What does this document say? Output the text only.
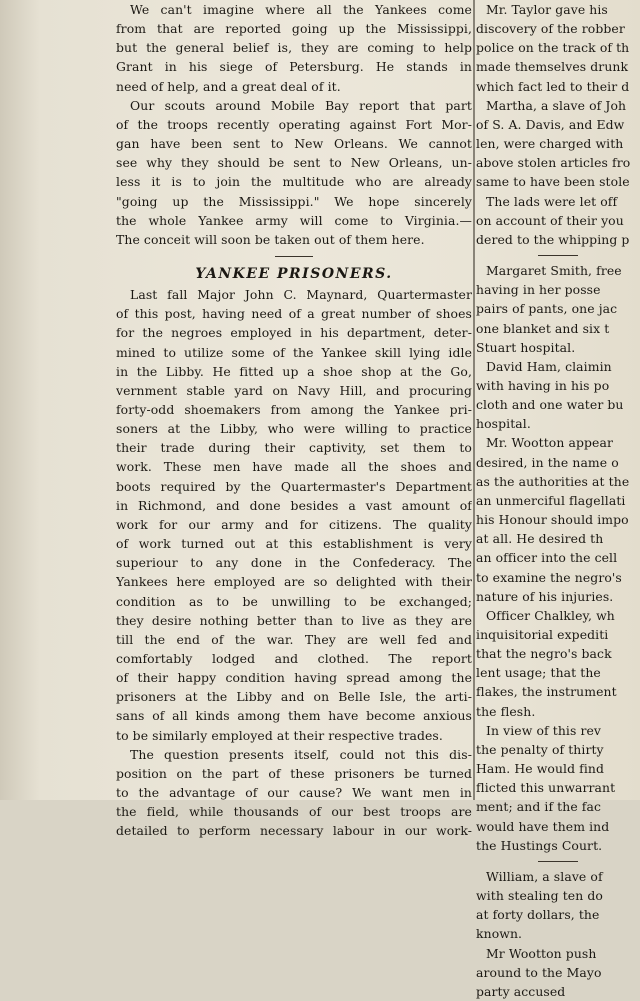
We can't imagine where all the Yankees come
from that are reported going up the Mississippi,
but the general belief is, they are coming to help
Grant in his siege of Petersburg. He stands in
need of help, and a great deal of it.
Our scouts around Mobile Bay report that part
of the troops recently operating against Fort Mor-
gan have been sent to New Orleans. We cannot
see why they should be sent to New Orleans, un-
less it is to join the multitude who are already
"going up the Mississippi." We hope sincerely
the whole Yankee army will come to Virginia.—
The conceit will soon be taken out of them here.
YANKEE PRISONERS.
Last fall Major John C. Maynard, Quartermaster
of this post, having need of a great number of shoes
for the negroes employed in his department, deter-
mined to utilize some of the Yankee skill lying idle
in the Libby. He fitted up a shoe shop at the Go,
vernment stable yard on Navy Hill, and procuring
forty-odd shoemakers from among the Yankee pri-
soners at the Libby, who were willing to practice
their trade during their captivity, set them to
work. These men have made all the shoes and
boots required by the Quartermaster's Department
in Richmond, and done besides a vast amount of
work for our army and for citizens. The quality
of work turned out at this establishment is very
superiour to any done in the Confederacy. The
Yankees here employed are so delighted with their
condition as to be unwilling to be exchanged;
they desire nothing better than to live as they are
till the end of the war. They are well fed and
comfortably lodged and clothed. The report
of their happy condition having spread among the
prisoners at the Libby and on Belle Isle, the arti-
sans of all kinds among them have become anxious
to be similarly employed at their respective trades.
The question presents itself, could not this dis-
position on the part of these prisoners be turned
to the advantage of our cause? We want men in
the field, while thousands of our best troops are
detailed to perform necessary labour in our work-
Mr. Taylor gave his
discovery of the robber
police on the track of th
made themselves drunk
which fact led to their d
Martha, a slave of Joh
of S. A. Davis, and Edw
len, were charged with
above stolen articles fro
same to have been stole
The lads were let off
on account of their you
dered to the whipping p
Margaret Smith, free
having in her posse
pairs of pants, one jac
one blanket and six t
Stuart hospital.
David Ham, claimin
with having in his po
cloth and one water bu
hospital.
Mr. Wootton appear
desired, in the name o
as the authorities at the
an unmerciful flagellati
his Honour should impo
at all. He desired th
an officer into the cell
to examine the negro's
nature of his injuries.
Officer Chalkley, wh
inquisitorial expediti
that the negro's back
lent usage; that the
flakes, the instrument
the flesh.
In view of this rev
the penalty of thirty
Ham. He would find
flicted this unwarrant
ment; and if the fac
would have them ind
the Hustings Court.
William, a slave of
with stealing ten do
at forty dollars, the
known.
Mr Wootton push
around to the Mayo
party accused
